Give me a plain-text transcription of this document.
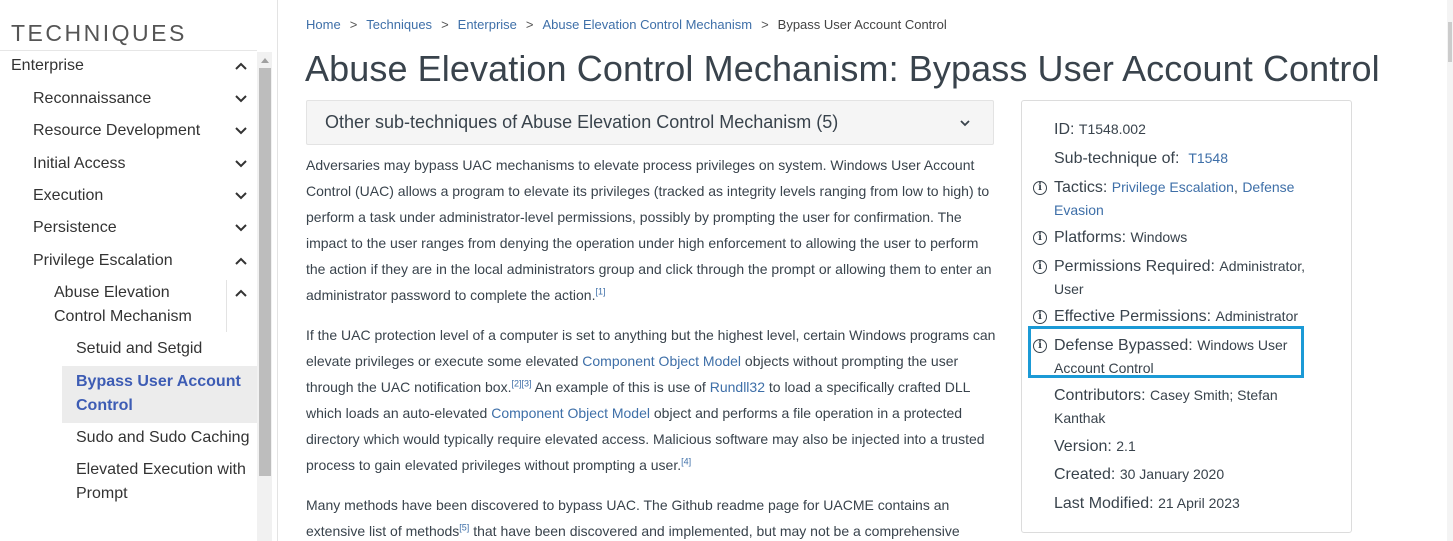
TECHNIQUES
Enterprise
Reconnaissance
Resource Development
Initial Access
Execution
Persistence
Privilege Escalation
Abuse Elevation
Control Mechanism
Setuid and Setgid
Bypass User Account
Control
Sudo and Sudo Caching
Elevated Execution with
Prompt
Home > Techniques > Enterprise > Abuse Elevation Control Mechanism > Bypass User Account Control
Abuse Elevation Control Mechanism: Bypass User Account Control
Other sub-techniques of Abuse Elevation Control Mechanism (5)

Adversaries may bypass UAC mechanisms to elevate process privileges on system. Windows User Account Control (UAC) allows a program to elevate its privileges (tracked as integrity levels ranging from low to high) to perform a task under administrator-level permissions, possibly by prompting the user for confirmation. The impact to the user ranges from denying the operation under high enforcement to allowing the user to perform the action if they are in the local administrators group and click through the prompt or allowing them to enter an administrator password to complete the action.[1]

If the UAC protection level of a computer is set to anything but the highest level, certain Windows programs can elevate privileges or execute some elevated Component Object Model objects without prompting the user through the UAC notification box.[2][3] An example of this is use of Rundll32 to load a specifically crafted DLL which loads an auto-elevated Component Object Model object and performs a file operation in a protected directory which would typically require elevated access. Malicious software may also be injected into a trusted process to gain elevated privileges without prompting a user.[4]

Many methods have been discovered to bypass UAC. The Github readme page for UACME contains an extensive list of methods[5] that have been discovered and implemented, but may not be a comprehensive

ID: T1548.002
Sub-technique of: T1548
i Tactics: Privilege Escalation, Defense Evasion
i Platforms: Windows
i Permissions Required: Administrator, User
i Effective Permissions: Administrator
i Defense Bypassed: Windows User Account Control
Contributors: Casey Smith; Stefan Kanthak
Version: 2.1
Created: 30 January 2020
Last Modified: 21 April 2023
